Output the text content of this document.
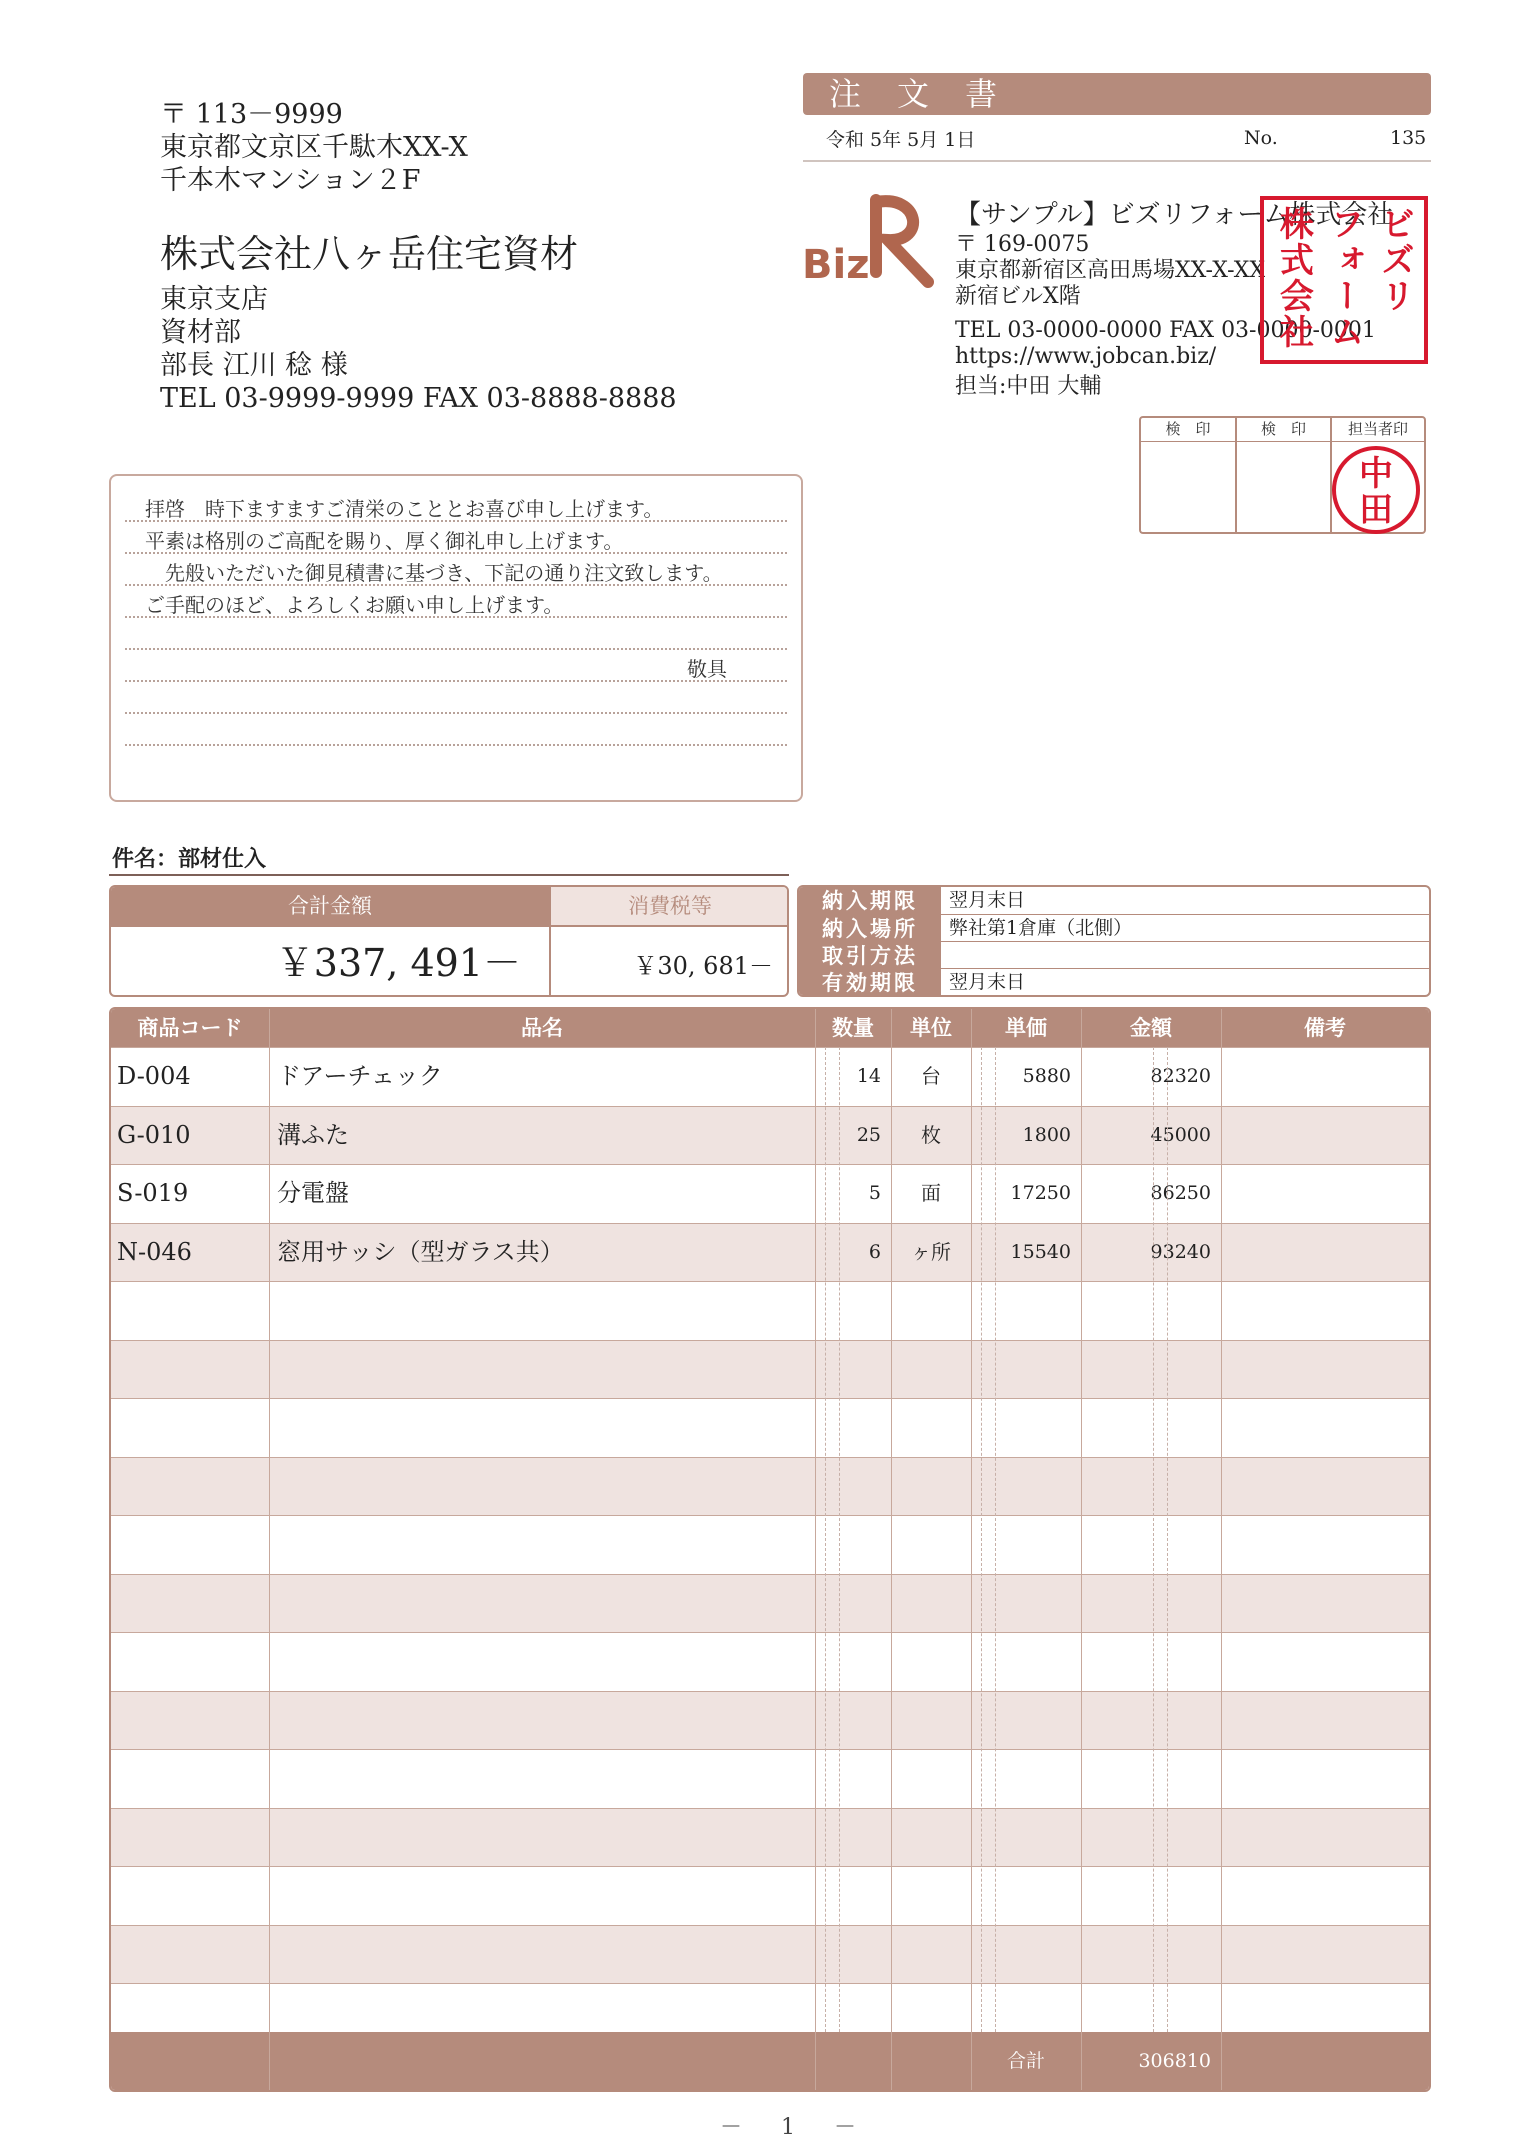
〒 113－9999
東京都文京区千駄木XX-X
千本木マンション２F
株式会社八ヶ岳住宅資材
東京支店
資材部
部長 江川 稔 様
TEL 03-9999-9999 FAX 03-8888-8888
注文書
令和 5年 5月 1日	No.	135
Biz
【サンプル】ビズリフォーム株式会社
〒 169-0075
東京都新宿区高田馬場XX-X-XX
新宿ビルX階
TEL 03-0000-0000 FAX 03-0000-0001
https://www.jobcan.biz/
担当:中田 大輔
ビズリ
フォーム
株式会社
検　印	検　印	担当者印
中田
　拝啓　時下ますますご清栄のこととお喜び申し上げます。
　平素は格別のご高配を賜り、厚く御礼申し上げます。
　　先般いただいた御見積書に基づき、下記の通り注文致します。
　ご手配のほど、よろしくお願い申し上げます。
敬具
件名：部材仕入
合計金額	消費税等
￥337, 491－	￥30, 681－
納入期限	翌月末日
納入場所	弊社第1倉庫（北側）
取引方法
有効期限	翌月末日
商品コード	品名	数量	単位	単価	金額	備考
D-004	ドアーチェック	14	台	5880	82320
G-010	溝ふた	25	枚	1800	45000
S-019	分電盤	5	面	17250	86250
N-046	窓用サッシ（型ガラス共）	6	ヶ所	15540	93240
合計	306810
－ 1 －
